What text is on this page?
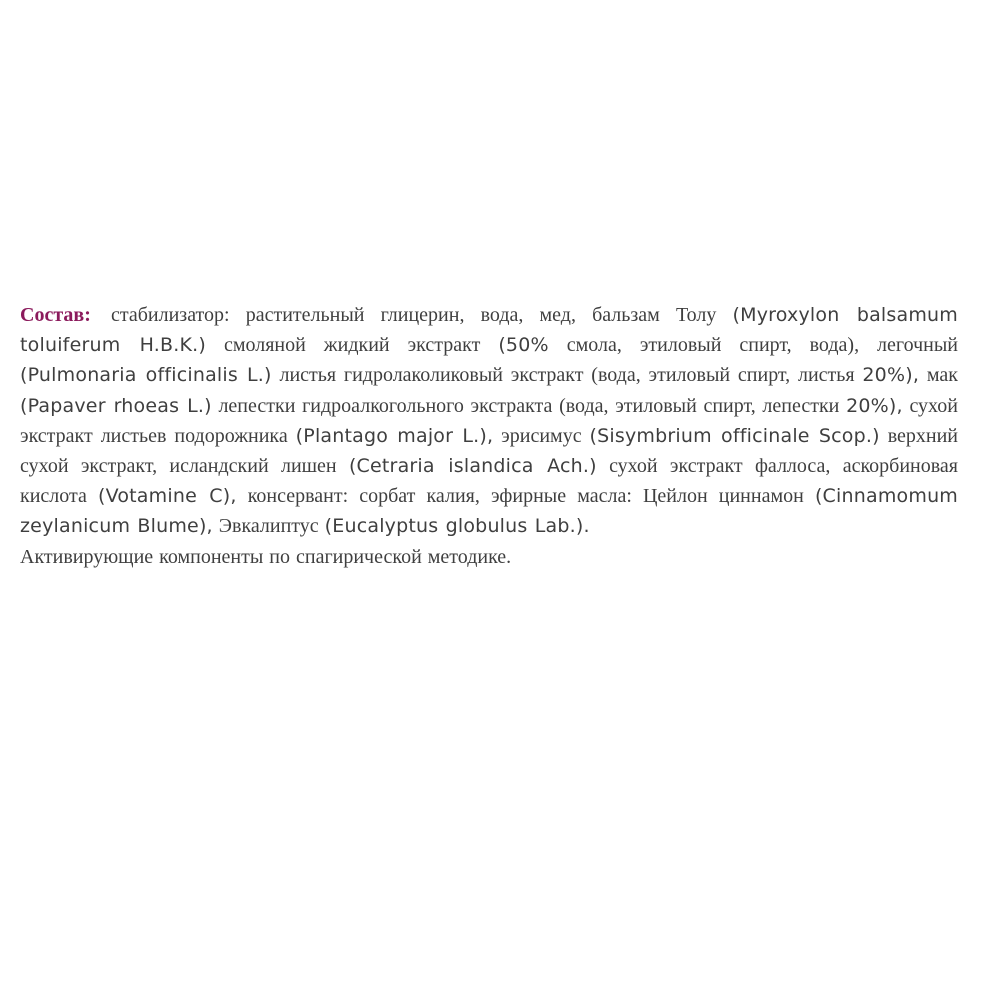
Состав: стабилизатор: растительный глицерин, вода, мед, бальзам Толу (Myroxylon balsamum toluiferum H.B.K.) смоляной жидкий экстракт (50% смола, этиловый спирт, вода), легочный (Pulmonaria officinalis L.) листья гидролаколиковый экстракт (вода, этиловый спирт, листья 20%), мак (Papaver rhoeas L.) лепестки гидроалкогольного экстракта (вода, этиловый спирт, лепестки 20%), сухой экстракт листьев подорожника (Plantago major L.), эрисимус (Sisymbrium officinale Scop.) верхний сухой экстракт, исландский лишен (Cetraria islandica Ach.) сухой экстракт фаллоса, аскорбиновая кислота (Votamine C), консервант: сорбат калия, эфирные масла: Цейлон циннамон (Cinnamomum zeylanicum Blume), Эвкалиптус (Eucalyptus globulus Lab.).
Активирующие компоненты по спагирической методике.
